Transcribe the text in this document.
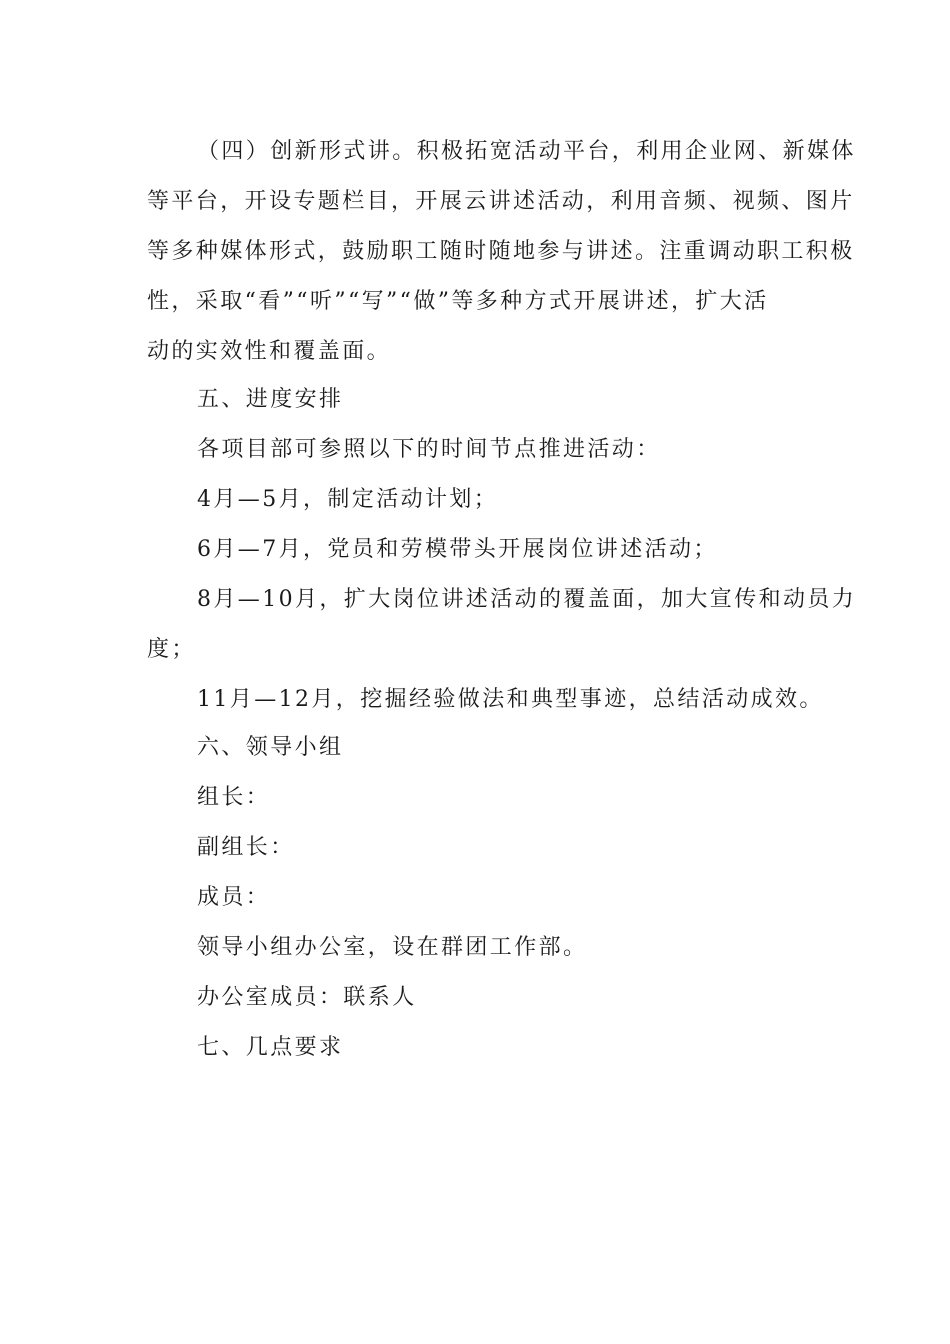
（四）创新形式讲。积极拓宽活动平台，利用企业网、新媒体
等平台，开设专题栏目，开展云讲述活动，利用音频、视频、图片
等多种媒体形式，鼓励职工随时随地参与讲述。注重调动职工积极
性，采取“看”“听”“写”“做”等多种方式开展讲述，扩大活
动的实效性和覆盖面。
五、进度安排
各项目部可参照以下的时间节点推进活动：
4月—5月，制定活动计划；
6月—7月，党员和劳模带头开展岗位讲述活动；
8月—10月，扩大岗位讲述活动的覆盖面，加大宣传和动员力
度；
11月—12月，挖掘经验做法和典型事迹，总结活动成效。
六、领导小组
组长：
副组长：
成员：
领导小组办公室，设在群团工作部。
办公室成员：联系人
七、几点要求
